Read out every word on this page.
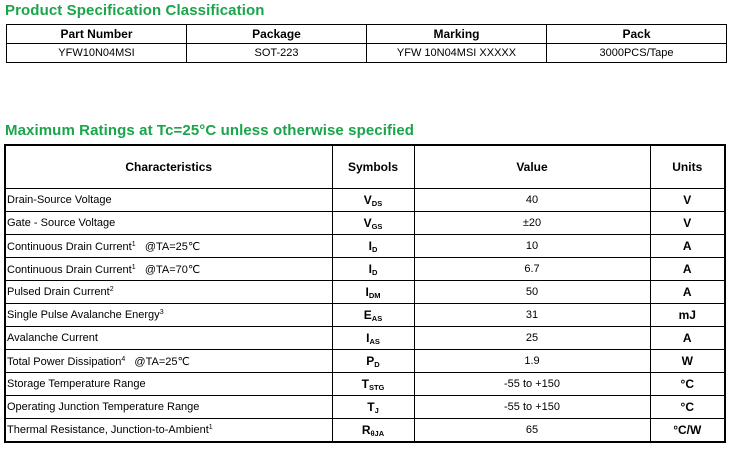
Product Specification Classification
Part Number	Package	Marking	Pack
YFW10N04MSI	SOT-223	YFW 10N04MSI XXXXX	3000PCS/Tape
Maximum Ratings at Tc=25°C unless otherwise specified
Characteristics	Symbols	Value	Units
Drain-Source Voltage	$V_{DS}$	40	V
Gate - Source Voltage	$V_{GS}$	±20	V
Continuous Drain Current$^1$ @TA=25℃	$I_D$	10	A
Continuous Drain Current$^1$ @TA=70℃	$I_D$	6.7	A
Pulsed Drain Current$^2$	$I_{DM}$	50	A
Single Pulse Avalanche Energy$^3$	$E_{AS}$	31	mJ
Avalanche Current	$I_{AS}$	25	A
Total Power Dissipation$^4$ @TA=25℃	$P_D$	1.9	W
Storage Temperature Range	$T_{STG}$	-55 to +150	°C
Operating Junction Temperature Range	$T_J$	-55 to +150	°C
Thermal Resistance, Junction-to-Ambient$^1$	$R_{\theta JA}$	65	°C/W
